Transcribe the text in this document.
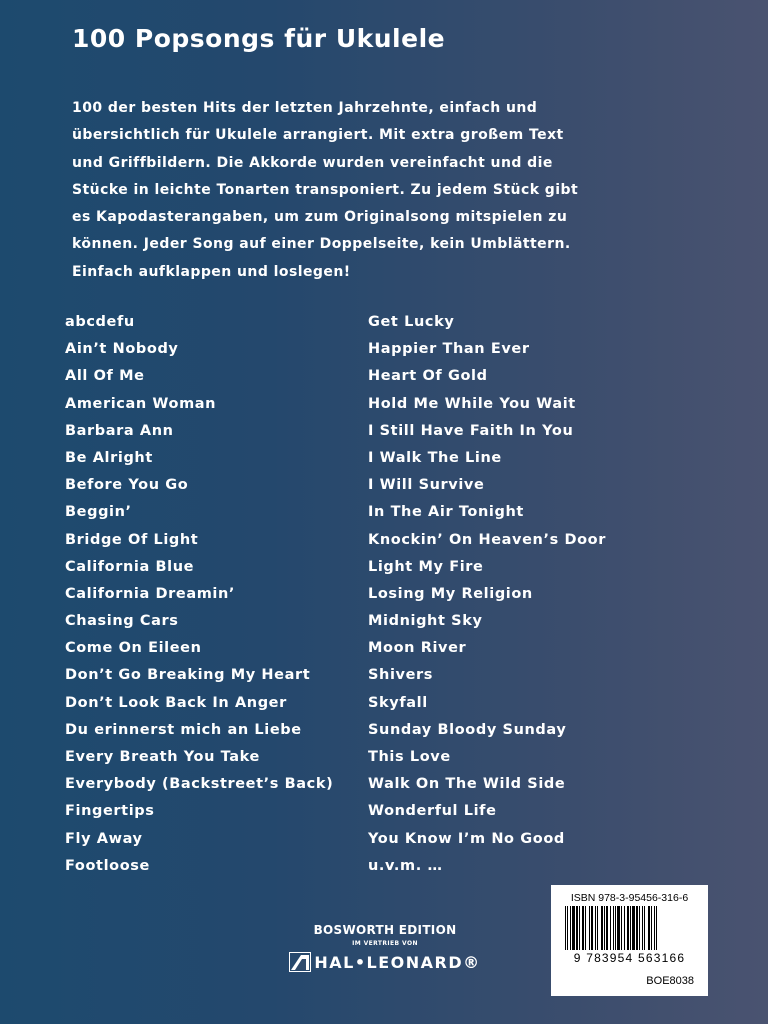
100 Popsongs für Ukulele
100 der besten Hits der letzten Jahrzehnte, einfach und
übersichtlich für Ukulele arrangiert. Mit extra großem Text
und Griffbildern. Die Akkorde wurden vereinfacht und die
Stücke in leichte Tonarten transponiert. Zu jedem Stück gibt
es Kapodasterangaben, um zum Originalsong mitspielen zu
können. Jeder Song auf einer Doppelseite, kein Umblättern.
Einfach aufklappen und loslegen!
abcdefu
Ain’t Nobody
All Of Me
American Woman
Barbara Ann
Be Alright
Before You Go
Beggin’
Bridge Of Light
California Blue
California Dreamin’
Chasing Cars
Come On Eileen
Don’t Go Breaking My Heart
Don’t Look Back In Anger
Du erinnerst mich an Liebe
Every Breath You Take
Everybody (Backstreet’s Back)
Fingertips
Fly Away
Footloose
Get Lucky
Happier Than Ever
Heart Of Gold
Hold Me While You Wait
I Still Have Faith In You
I Walk The Line
I Will Survive
In The Air Tonight
Knockin’ On Heaven’s Door
Light My Fire
Losing My Religion
Midnight Sky
Moon River
Shivers
Skyfall
Sunday Bloody Sunday
This Love
Walk On The Wild Side
Wonderful Life
You Know I’m No Good
u.v.m. …
BOSWORTH EDITION
IM VERTRIEB VON
HAL•LEONARD®
ISBN 978-3-95456-316-6
9 783954 563166
BOE8038
